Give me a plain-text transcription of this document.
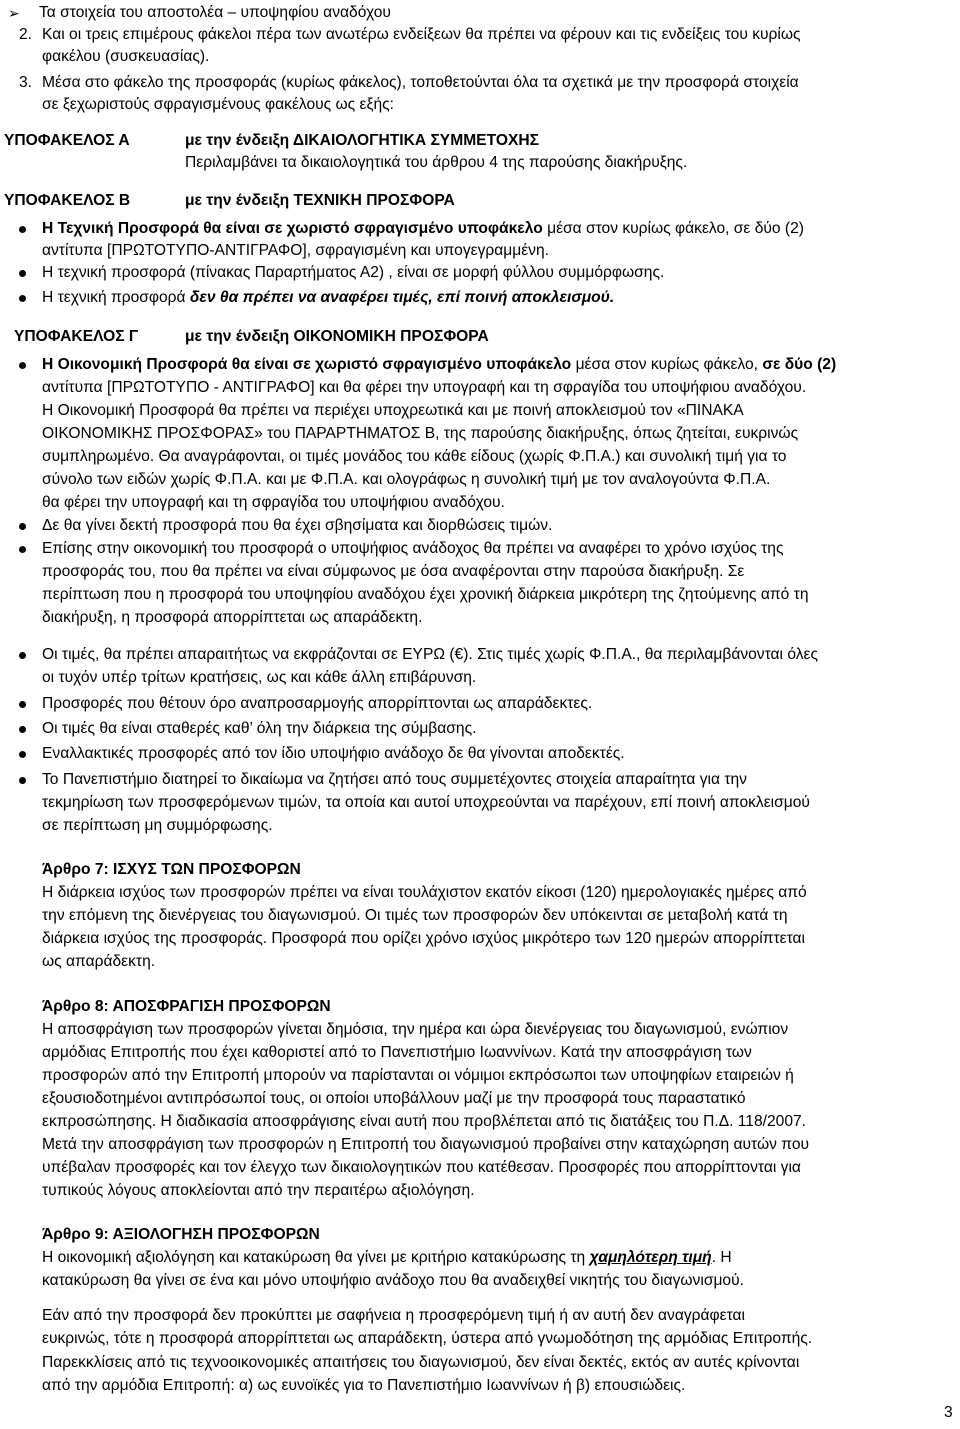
➢ Τα στοιχεία του αποστολέα – υποψηφίου αναδόχου
2. Και οι τρεις επιμέρους φάκελοι πέρα των ανωτέρω ενδείξεων θα πρέπει να φέρουν και τις ενδείξεις του κυρίως
φακέλου (συσκευασίας).
3. Μέσα στο φάκελο της προσφοράς (κυρίως φάκελος), τοποθετούνται όλα τα σχετικά με την προσφορά στοιχεία
σε ξεχωριστούς σφραγισμένους φακέλους ως εξής:
ΥΠΟΦΑΚΕΛΟΣ Α	με την ένδειξη ΔΙΚΑΙΟΛΟΓΗΤΙΚΑ ΣΥΜΜΕΤΟΧΗΣ
Περιλαμβάνει τα δικαιολογητικά του άρθρου 4 της παρούσης διακήρυξης.
ΥΠΟΦΑΚΕΛΟΣ Β	με την ένδειξη ΤΕΧΝΙΚΗ ΠΡΟΣΦΟΡΑ
Η Τεχνική Προσφορά θα είναι σε χωριστό σφραγισμένο υποφάκελο μέσα στον κυρίως φάκελο, σε δύο (2)
αντίτυπα [ΠΡΩΤΟΤΥΠΟ-ΑΝΤΙΓΡΑΦΟ], σφραγισμένη και υπογεγραμμένη.
Η τεχνική προσφορά (πίνακας Παραρτήματος Α2) , είναι σε μορφή φύλλου συμμόρφωσης.
Η τεχνική προσφορά δεν θα πρέπει να αναφέρει τιμές, επί ποινή αποκλεισμού.
ΥΠΟΦΑΚΕΛΟΣ Γ	με την ένδειξη ΟΙΚΟΝΟΜΙΚΗ ΠΡΟΣΦΟΡΑ
Η Οικονομική Προσφορά θα είναι σε χωριστό σφραγισμένο υποφάκελο μέσα στον κυρίως φάκελο, σε δύο (2)
αντίτυπα [ΠΡΩΤΟΤΥΠΟ - ΑΝΤΙΓΡΑΦΟ] και θα φέρει την υπογραφή και τη σφραγίδα του υποψήφιου αναδόχου.
Η Οικονομική Προσφορά θα πρέπει να περιέχει υποχρεωτικά και με ποινή αποκλεισμού τον «ΠΙΝΑΚΑ
ΟΙΚΟΝΟΜΙΚΗΣ ΠΡΟΣΦΟΡΑΣ» του ΠΑΡΑΡΤΗΜΑΤΟΣ Β, της παρούσης διακήρυξης, όπως ζητείται, ευκρινώς
συμπληρωμένο. Θα αναγράφονται, οι τιμές μονάδος του κάθε είδους (χωρίς Φ.Π.Α.) και συνολική τιμή για το
σύνολο των ειδών χωρίς Φ.Π.Α. και με Φ.Π.Α. και ολογράφως η συνολική τιμή με τον αναλογούντα Φ.Π.Α.
θα φέρει την υπογραφή και τη σφραγίδα του υποψήφιου αναδόχου.
Δε θα γίνει δεκτή προσφορά που θα έχει σβησίματα και διορθώσεις τιμών.
Επίσης στην οικονομική του προσφορά ο υποψήφιος ανάδοχος θα πρέπει να αναφέρει το χρόνο ισχύος της
προσφοράς του, που θα πρέπει να είναι σύμφωνος με όσα αναφέρονται στην παρούσα διακήρυξη. Σε
περίπτωση που η προσφορά του υποψηφίου αναδόχου έχει χρονική διάρκεια μικρότερη της ζητούμενης από τη
διακήρυξη, η προσφορά απορρίπτεται ως απαράδεκτη.
Οι τιμές, θα πρέπει απαραιτήτως να εκφράζονται σε ΕΥΡΩ (€). Στις τιμές χωρίς Φ.Π.Α., θα περιλαμβάνονται όλες
οι τυχόν υπέρ τρίτων κρατήσεις, ως και κάθε άλλη επιβάρυνση.
Προσφορές που θέτουν όρο αναπροσαρμογής απορρίπτονται ως απαράδεκτες.
Οι τιμές θα είναι σταθερές καθ’ όλη την διάρκεια της σύμβασης.
Εναλλακτικές προσφορές από τον ίδιο υποψήφιο ανάδοχο δε θα γίνονται αποδεκτές.
Το Πανεπιστήμιο διατηρεί το δικαίωμα να ζητήσει από τους συμμετέχοντες στοιχεία απαραίτητα για την
τεκμηρίωση των προσφερόμενων τιμών, τα οποία και αυτοί υποχρεούνται να παρέχουν, επί ποινή αποκλεισμού
σε περίπτωση μη συμμόρφωσης.
Άρθρο 7: ΙΣΧΥΣ ΤΩΝ ΠΡΟΣΦΟΡΩΝ
Η διάρκεια ισχύος των προσφορών πρέπει να είναι τουλάχιστον εκατόν είκοσι (120) ημερολογιακές ημέρες από
την επόμενη της διενέργειας του διαγωνισμού. Οι τιμές των προσφορών δεν υπόκεινται σε μεταβολή κατά τη
διάρκεια ισχύος της προσφοράς. Προσφορά που ορίζει χρόνο ισχύος μικρότερο των 120 ημερών απορρίπτεται
ως απαράδεκτη.
Άρθρο 8: ΑΠΟΣΦΡΑΓΙΣΗ ΠΡΟΣΦΟΡΩΝ
Η αποσφράγιση των προσφορών γίνεται δημόσια, την ημέρα και ώρα διενέργειας του διαγωνισμού, ενώπιον
αρμόδιας Επιτροπής που έχει καθοριστεί από το Πανεπιστήμιο Ιωαννίνων. Κατά την αποσφράγιση των
προσφορών από την Επιτροπή μπορούν να παρίστανται οι νόμιμοι εκπρόσωποι των υποψηφίων εταιρειών ή
εξουσιοδοτημένοι αντιπρόσωποί τους, οι οποίοι υποβάλλουν μαζί με την προσφορά τους παραστατικό
εκπροσώπησης. Η διαδικασία αποσφράγισης είναι αυτή που προβλέπεται από τις διατάξεις του Π.Δ. 118/2007.
Μετά την αποσφράγιση των προσφορών η Επιτροπή του διαγωνισμού προβαίνει στην καταχώρηση αυτών που
υπέβαλαν προσφορές και τον έλεγχο των δικαιολογητικών που κατέθεσαν. Προσφορές που απορρίπτονται για
τυπικούς λόγους αποκλείονται από την περαιτέρω αξιολόγηση.
Άρθρο 9: ΑΞΙΟΛΟΓΗΣΗ ΠΡΟΣΦΟΡΩΝ
Η οικονομική αξιολόγηση και κατακύρωση θα γίνει με κριτήριο κατακύρωσης τη χαμηλότερη τιμή. Η
κατακύρωση θα γίνει σε ένα και μόνο υποψήφιο ανάδοχο που θα αναδειχθεί νικητής του διαγωνισμού.
Εάν από την προσφορά δεν προκύπτει με σαφήνεια η προσφερόμενη τιμή ή αν αυτή δεν αναγράφεται
ευκρινώς, τότε η προσφορά απορρίπτεται ως απαράδεκτη, ύστερα από γνωμοδότηση της αρμόδιας Επιτροπής.
Παρεκκλίσεις από τις τεχνοοικονομικές απαιτήσεις του διαγωνισμού, δεν είναι δεκτές, εκτός αν αυτές κρίνονται
από την αρμόδια Επιτροπή: α) ως ευνοϊκές για το Πανεπιστήμιο Ιωαννίνων ή β) επουσιώδεις.
3
